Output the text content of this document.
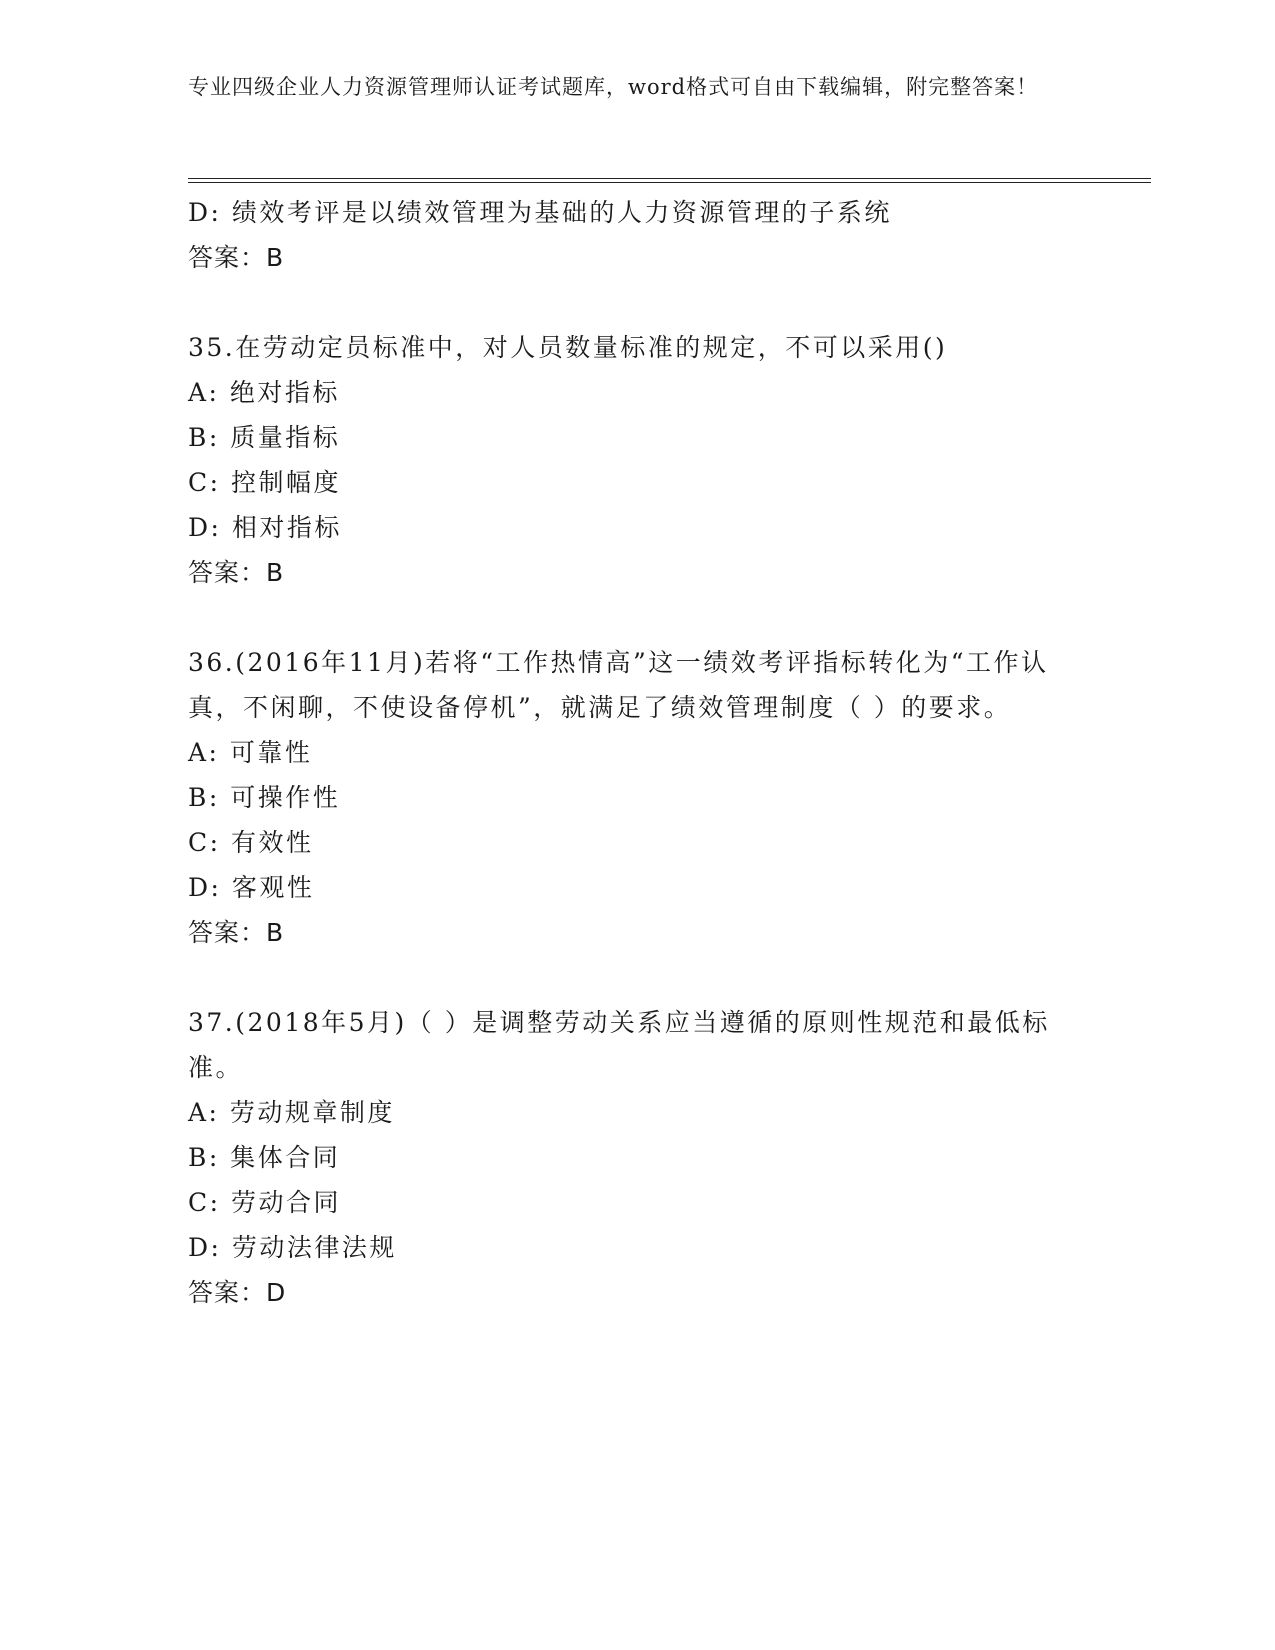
专业四级企业人力资源管理师认证考试题库，word格式可自由下载编辑，附完整答案！
D: 绩效考评是以绩效管理为基础的人力资源管理的子系统
答案：B
35.在劳动定员标准中，对人员数量标准的规定，不可以采用()
A: 绝对指标
B: 质量指标
C: 控制幅度
D: 相对指标
答案：B
36.(2016年11月)若将“工作热情高”这一绩效考评指标转化为“工作认真，不闲聊，不使设备停机”，就满足了绩效管理制度（ ）的要求。
A: 可靠性
B: 可操作性
C: 有效性
D: 客观性
答案：B
37.(2018年5月)（ ）是调整劳动关系应当遵循的原则性规范和最低标准。
A: 劳动规章制度
B: 集体合同
C: 劳动合同
D: 劳动法律法规
答案：D
